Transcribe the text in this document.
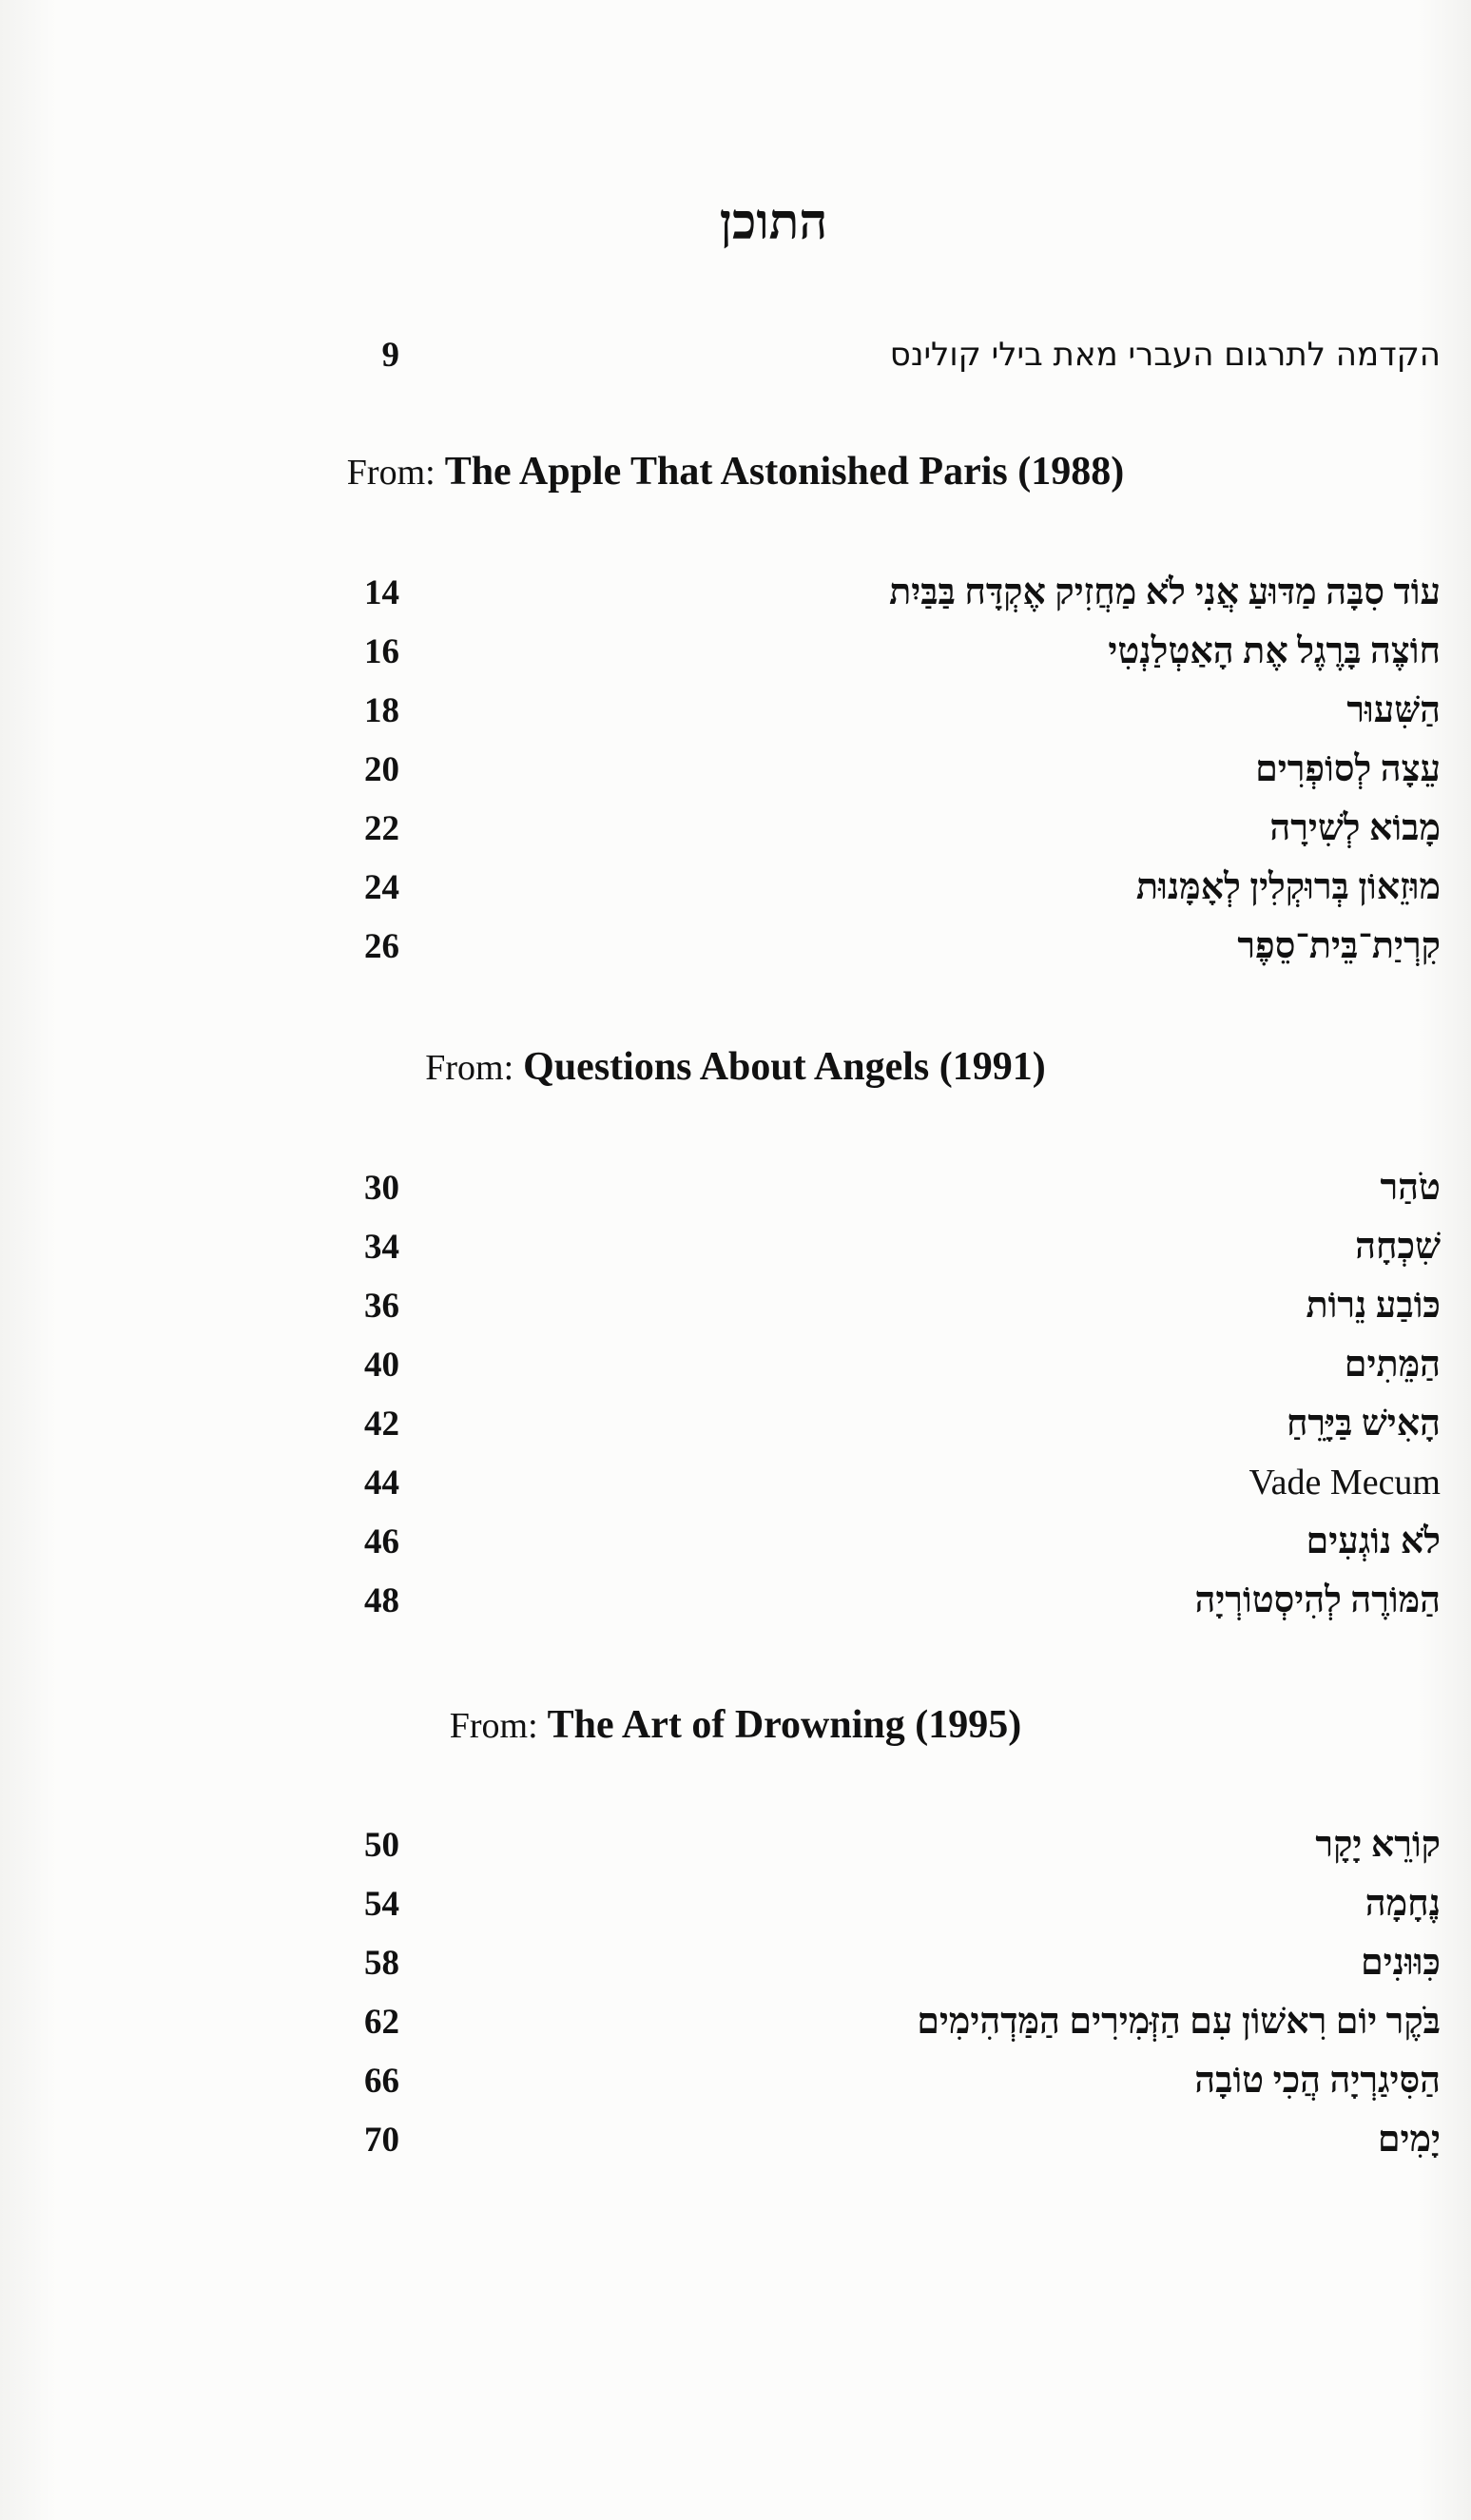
התוכן
9	הקדמה לתרגום העברי מאת בילי קולינס
From: The Apple That Astonished Paris (1988)
14	עוֹד סִבָּה מַדּוּעַ אֲנִי לֹא מַחֲזִיק אֶקְדָּח בַּבַּיִת
16	חוֹצֶה בָּרֶגֶל אֶת הָאַטְלַנְטִי
18	הַשִּׁעוּר
20	עֵצָה לְסוֹפְרִים
22	מָבוֹא לְשִׁירָה
24	מוּזֵאוֹן בְּרוּקְלִין לְאָמָּנוּת
26	קִרְיַת־בֵּית־סֵפֶר
From: Questions About Angels (1991)
30	טֹהַר
34	שִׁכְחָה
36	כּוֹבַע נֵרוֹת
40	הַמֵּתִים
42	הָאִישׁ בַּיָּרֵחַ
44	Vade Mecum
46	לֹא נוֹגְעִים
48	הַמּוֹרֶה לְהִיסְטוֹרְיָה
From: The Art of Drowning (1995)
50	קוֹרֵא יָקָר
54	נֶחָמָה
58	כִּוּוּנִים
62	בֹּקֶר יוֹם רִאשׁוֹן עִם הַזְּמִירִים הַמַּדְהִימִים
66	הַסִּיגַרְיָה הֲכִי טוֹבָה
70	יָמִים
